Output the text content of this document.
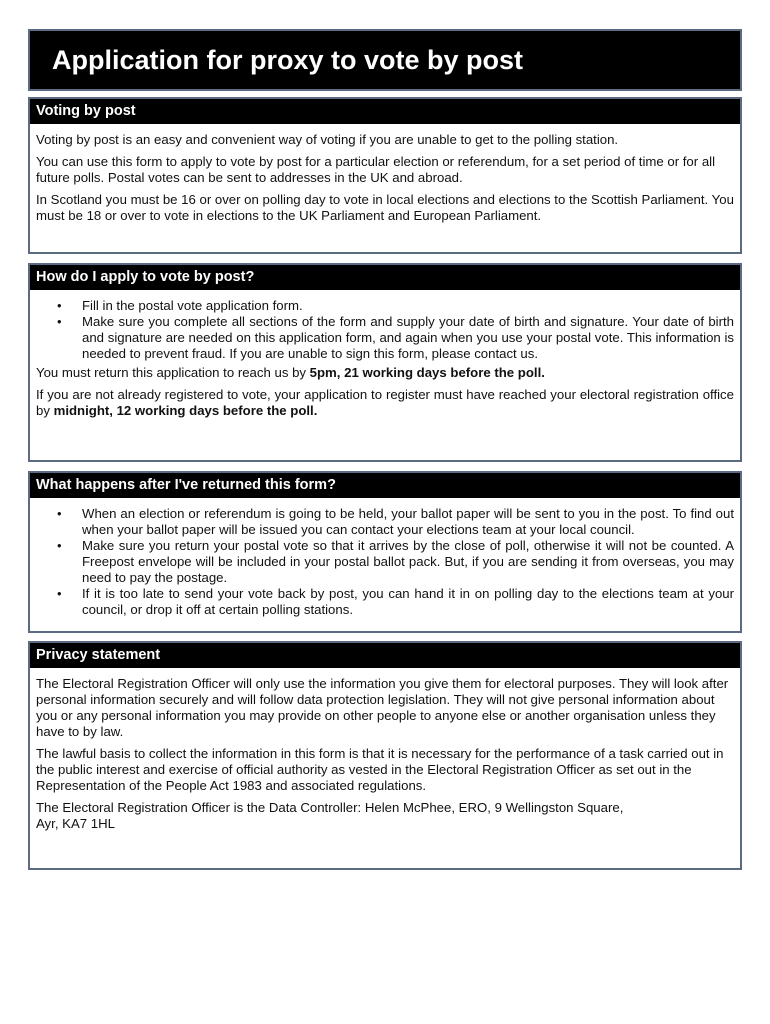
Application for proxy to vote by post
Voting by post

Voting by post is an easy and convenient way of voting if you are unable to get to the polling station.

You can use this form to apply to vote by post for a particular election or referendum, for a set period of time or for all future polls. Postal votes can be sent to addresses in the UK and abroad.

In Scotland you must be 16 or over on polling day to vote in local elections and elections to the Scottish Parliament. You must be 18 or over to vote in elections to the UK Parliament and European Parliament.

How do I apply to vote by post?
• Fill in the postal vote application form.
• Make sure you complete all sections of the form and supply your date of birth and signature. Your date of birth and signature are needed on this application form, and again when you use your postal vote. This information is needed to prevent fraud. If you are unable to sign this form, please contact us.

You must return this application to reach us by 5pm, 21 working days before the poll.

If you are not already registered to vote, your application to register must have reached your electoral registration office by midnight, 12 working days before the poll.

What happens after I've returned this form?
• When an election or referendum is going to be held, your ballot paper will be sent to you in the post. To find out when your ballot paper will be issued you can contact your elections team at your local council.
• Make sure you return your postal vote so that it arrives by the close of poll, otherwise it will not be counted. A Freepost envelope will be included in your postal ballot pack. But, if you are sending it from overseas, you may need to pay the postage.
• If it is too late to send your vote back by post, you can hand it in on polling day to the elections team at your council, or drop it off at certain polling stations.
Privacy statement

The Electoral Registration Officer will only use the information you give them for electoral purposes. They will look after personal information securely and will follow data protection legislation. They will not give personal information about you or any personal information you may provide on other people to anyone else or another organisation unless they have to by law.

The lawful basis to collect the information in this form is that it is necessary for the performance of a task carried out in the public interest and exercise of official authority as vested in the Electoral Registration Officer as set out in the Representation of the People Act 1983 and associated regulations.

The Electoral Registration Officer is the Data Controller: Helen McPhee, ERO, 9 Wellingston Square,
Ayr, KA7 1HL
